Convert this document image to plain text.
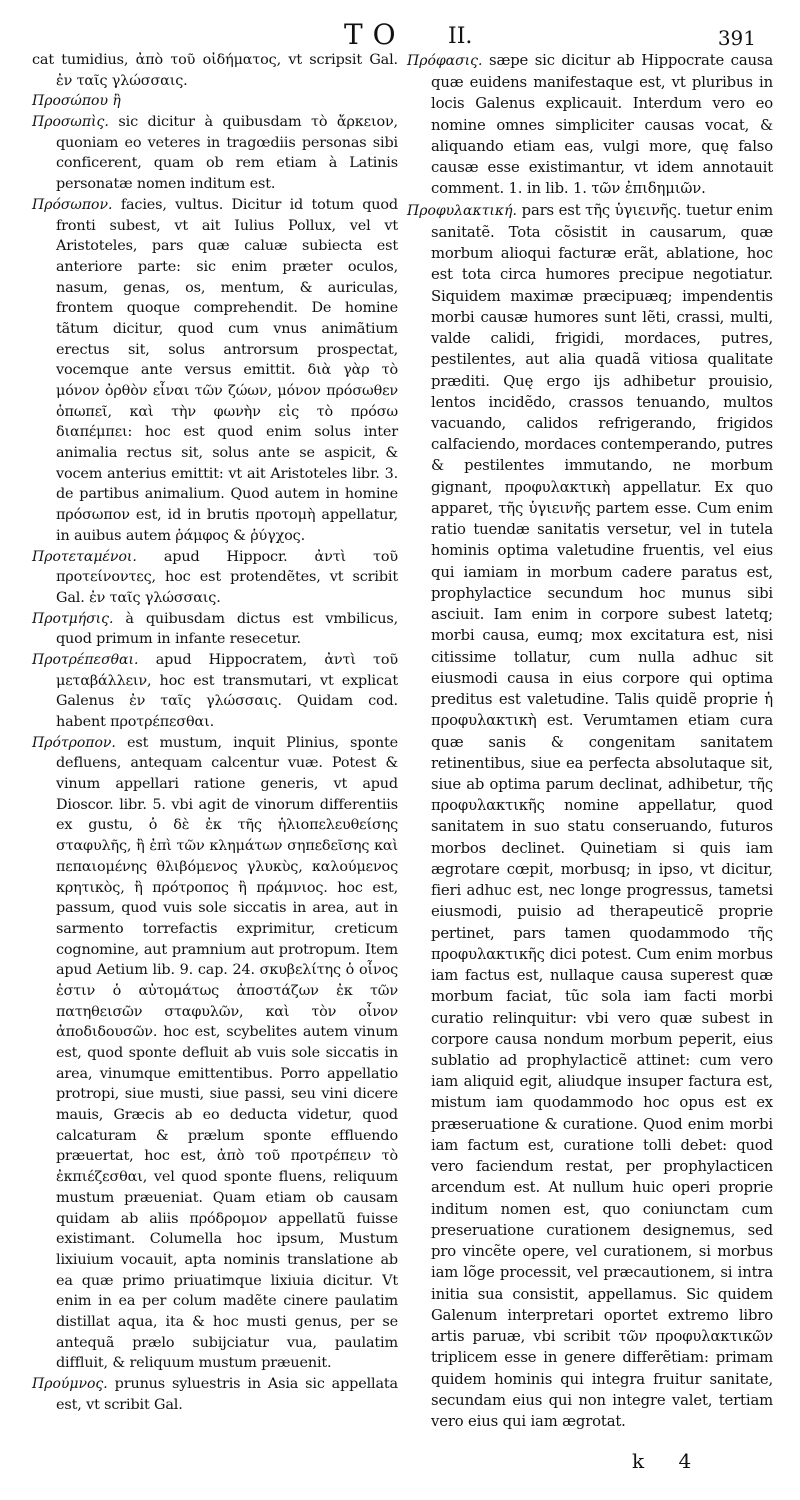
TO II.	391

cat tumidius, ἀπὸ τοῦ οἰδήματος, vt scripsit Gal. ἐν ταῖς γλώσσαις.

Προσώπου ἢ

Προσωπὶς. sic dicitur à quibusdam τὸ ἄρκειον, quoniam eo veteres in tragœdiis personas sibi conficerent, quam ob rem etiam à Latinis personatæ nomen inditum est.

Πρόσωπον. facies, vultus. Dicitur id totum quod fronti subest, vt ait Iulius Pollux, vel vt Aristoteles, pars quæ caluæ subiecta est anteriore parte: sic enim præter oculos, nasum, genas, os, mentum, & auriculas, frontem quoque comprehendit. De homine tãtum dicitur, quod cum vnus animãtium erectus sit, solus antrorsum prospectat, vocemque ante versus emittit. διὰ γὰρ τὸ μόνον ὀρθὸν εἶναι τῶν ζώων, μόνον πρόσωθεν ὁπωπεῖ, καὶ τὴν φωνὴν εἰς τὸ πρόσω διαπέμπει: hoc est quod enim solus inter animalia rectus sit, solus ante se aspicit, & vocem anterius emittit: vt ait Aristoteles libr. 3. de partibus animalium. Quod autem in homine πρόσωπον est, id in brutis προτομὴ appellatur, in auibus autem ῥάμφος & ῥύγχος.

Προτεταμένοι. apud Hippocr. ἀντὶ τοῦ προτείνοντες, hoc est protendẽtes, vt scribit Gal. ἐν ταῖς γλώσσαις.

Προτμήσις. à quibusdam dictus est vmbilicus, quod primum in infante resecetur.

Προτρέπεσθαι. apud Hippocratem, ἀντὶ τοῦ μεταβάλλειν, hoc est transmutari, vt explicat Galenus ἐν ταῖς γλώσσαις. Quidam cod. habent προτρέπεσθαι.

Πρότροπον. est mustum, inquit Plinius, sponte defluens, antequam calcentur vuæ. Potest & vinum appellari ratione generis, vt apud Dioscor. libr. 5. vbi agit de vinorum differentiis ex gustu, ὁ δὲ ἐκ τῆς ἡλιοπελευθείσης σταφυλῆς, ἢ ἐπὶ τῶν κλημάτων σηπεδεῖσης καὶ πεπαιομένης θλιβόμενος γλυκὺς, καλούμενος κρητικὸς, ἢ πρότροπος ἢ πράμνιος. hoc est, passum, quod vuis sole siccatis in area, aut in sarmento torrefactis exprimitur, creticum cognomine, aut pramnium aut protropum. Item apud Aetium lib. 9. cap. 24. σκυβελίτης ὁ οἶνος ἐστιν ὁ αὐτομάτως ἀποστάζων ἐκ τῶν πατηθεισῶν σταφυλῶν, καὶ τὸν οἶνον ἀποδιδουσῶν. hoc est, scybelites autem vinum est, quod sponte defluit ab vuis sole siccatis in area, vinumque emittentibus. Porro appellatio protropi, siue musti, siue passi, seu vini dicere mauis, Græcis ab eo deducta videtur, quod calcaturam & prælum sponte effluendo præuertat, hoc est, ἀπὸ τοῦ προτρέπειν τὸ ἐκπιέζεσθαι, vel quod sponte fluens, reliquum mustum præueniat. Quam etiam ob causam quidam ab aliis πρόδρομον appellatũ fuisse existimant. Columella hoc ipsum, Mustum lixiuium vocauit, apta nominis translatione ab ea quæ primo priuatimque lixiuia dicitur. Vt enim in ea per colum madẽte cinere paulatim distillat aqua, ita & hoc musti genus, per se antequã prælo subijciatur vua, paulatim diffluit, & reliquum mustum præuenit.

Προύμνος. prunus syluestris in Asia sic appellata est, vt scribit Gal.

Πρόφασις. sæpe sic dicitur ab Hippocrate causa quæ euidens manifestaque est, vt pluribus in locis Galenus explicauit. Interdum vero eo nomine omnes simpliciter causas vocat, & aliquando etiam eas, vulgi more, quę falso causæ esse existimantur, vt idem annotauit comment. 1. in lib. 1. τῶν ἐπιδημιῶν.

Προφυλακτική. pars est τῆς ὑγιεινῆς. tuetur enim sanitatẽ. Tota cõsistit in causarum, quæ morbum alioqui facturæ erãt, ablatione, hoc est tota circa humores precipue negotiatur. Siquidem maximæ præcipuæq; impendentis morbi causæ humores sunt lẽti, crassi, multi, valde calidi, frigidi, mordaces, putres, pestilentes, aut alia quadã vitiosa qualitate præditi. Quę ergo ijs adhibetur prouisio, lentos incidẽdo, crassos tenuando, multos vacuando, calidos refrigerando, frigidos calfaciendo, mordaces contemperando, putres & pestilentes immutando, ne morbum gignant, προφυλακτικὴ appellatur. Ex quo apparet, τῆς ὑγιεινῆς partem esse. Cum enim ratio tuendæ sanitatis versetur, vel in tutela hominis optima valetudine fruentis, vel eius qui iamiam in morbum cadere paratus est, prophylactice secundum hoc munus sibi asciuit. Iam enim in corpore subest latetq; morbi causa, eumq; mox excitatura est, nisi citissime tollatur, cum nulla adhuc sit eiusmodi causa in eius corpore qui optima preditus est valetudine. Talis quidẽ proprie ἡ προφυλακτικὴ est. Verumtamen etiam cura quæ sanis & congenitam sanitatem retinentibus, siue ea perfecta absolutaque sit, siue ab optima parum declinat, adhibetur, τῆς προφυλακτικῆς nomine appellatur, quod sanitatem in suo statu conseruando, futuros morbos declinet. Quinetiam si quis iam ægrotare cœpit, morbusq; in ipso, vt dicitur, fieri adhuc est, nec longe progressus, tametsi eiusmodi, puisio ad therapeuticẽ proprie pertinet, pars tamen quodammodo τῆς προφυλακτικῆς dici potest. Cum enim morbus iam factus est, nullaque causa superest quæ morbum faciat, tũc sola iam facti morbi curatio relinquitur: vbi vero quæ subest in corpore causa nondum morbum peperit, eius sublatio ad prophylacticẽ attinet: cum vero iam aliquid egit, aliudque insuper factura est, mistum iam quodammodo hoc opus est ex præseruatione & curatione. Quod enim morbi iam factum est, curatione tolli debet: quod vero faciendum restat, per prophylacticen arcendum est. At nullum huic operi proprie inditum nomen est, quo coniunctam cum preseruatione curationem designemus, sed pro vincẽte opere, vel curationem, si morbus iam lõge processit, vel præcautionem, si intra initia sua consistit, appellamus. Sic quidem Galenum interpretari oportet extremo libro artis paruæ, vbi scribit τῶν προφυλακτικῶν triplicem esse in genere differẽtiam: primam quidem hominis qui integra fruitur sanitate, secundam eius qui non integre valet, tertiam vero eius qui iam ægrotat.

k 4
